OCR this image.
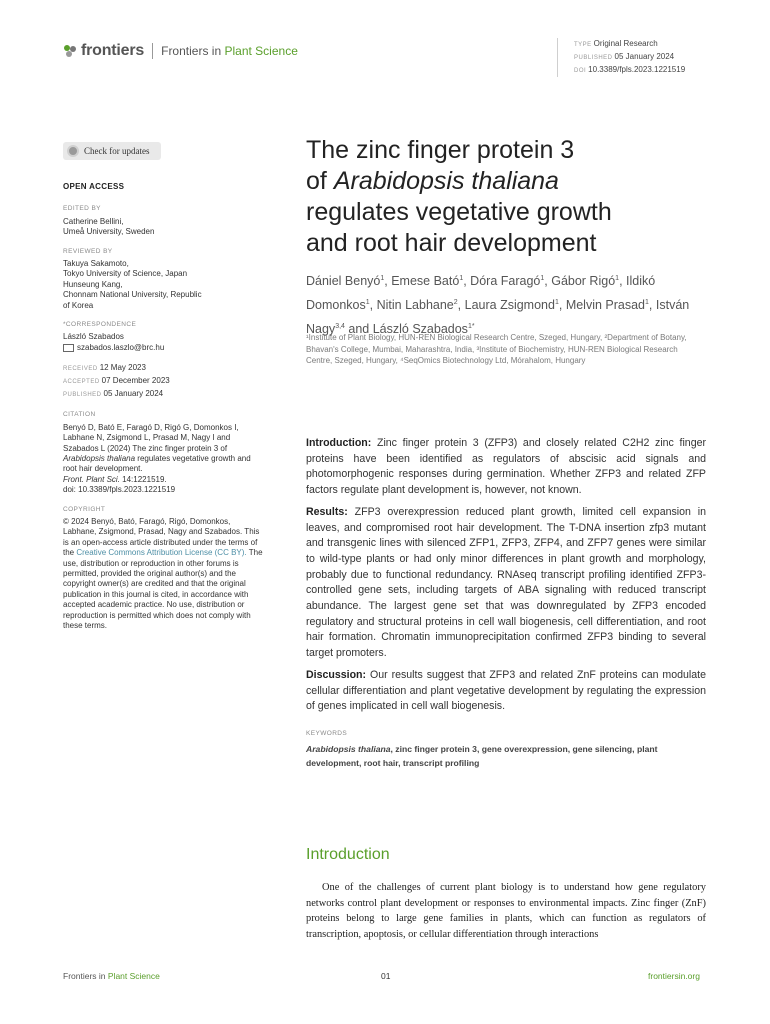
frontiers Frontiers in Plant Science	TYPE Original Research
PUBLISHED 05 January 2024
DOI 10.3389/fpls.2023.1221519
Check for updates
OPEN ACCESS
EDITED BY
Catherine Bellini,
Umeå University, Sweden
REVIEWED BY
Takuya Sakamoto,
Tokyo University of Science, Japan
Hunseung Kang,
Chonnam National University, Republic
of Korea
*CORRESPONDENCE
László Szabados
szabados.laszlo@brc.hu
RECEIVED 12 May 2023
ACCEPTED 07 December 2023
PUBLISHED 05 January 2024
CITATION
Benyó D, Bató E, Faragó D, Rigó G, Domonkos I, Labhane N, Zsigmond L, Prasad M, Nagy I and Szabados L (2024) The zinc finger protein 3 of Arabidopsis thaliana regulates vegetative growth and root hair development.
Front. Plant Sci. 14:1221519.
doi: 10.3389/fpls.2023.1221519
COPYRIGHT
© 2024 Benyó, Bató, Faragó, Rigó, Domonkos, Labhane, Zsigmond, Prasad, Nagy and Szabados. This is an open-access article distributed under the terms of the Creative Commons Attribution License (CC BY). The use, distribution or reproduction in other forums is permitted, provided the original author(s) and the copyright owner(s) are credited and that the original publication in this journal is cited, in accordance with accepted academic practice. No use, distribution or reproduction is permitted which does not comply with these terms.
The zinc finger protein 3
of Arabidopsis thaliana
regulates vegetative growth
and root hair development
Dániel Benyó$^1$, Emese Bató$^1$, Dóra Faragó$^1$, Gábor Rigó$^1$, Ildikó Domonkos$^1$, Nitin Labhane$^2$, Laura Zsigmond$^1$, Melvin Prasad$^1$, István Nagy$^{3,4}$ and László Szabados$^{1*}$
¹Institute of Plant Biology, HUN-REN Biological Research Centre, Szeged, Hungary, ²Department of Botany, Bhavan's College, Mumbai, Maharashtra, India, ³Institute of Biochemistry, HUN-REN Biological Research Centre, Szeged, Hungary, ⁴SeqOmics Biotechnology Ltd, Mórahalom, Hungary

Introduction: Zinc finger protein 3 (ZFP3) and closely related C2H2 zinc finger proteins have been identified as regulators of abscisic acid signals and photomorphogenic responses during germination. Whether ZFP3 and related ZFP factors regulate plant development is, however, not known.

Results: ZFP3 overexpression reduced plant growth, limited cell expansion in leaves, and compromised root hair development. The T-DNA insertion zfp3 mutant and transgenic lines with silenced ZFP1, ZFP3, ZFP4, and ZFP7 genes were similar to wild-type plants or had only minor differences in plant growth and morphology, probably due to functional redundancy. RNAseq transcript profiling identified ZFP3-controlled gene sets, including targets of ABA signaling with reduced transcript abundance. The largest gene set that was downregulated by ZFP3 encoded regulatory and structural proteins in cell wall biogenesis, cell differentiation, and root hair formation. Chromatin immunoprecipitation confirmed ZFP3 binding to several target promoters.

Discussion: Our results suggest that ZFP3 and related ZnF proteins can modulate cellular differentiation and plant vegetative development by regulating the expression of genes implicated in cell wall biogenesis.

KEYWORDS
Arabidopsis thaliana, zinc finger protein 3, gene overexpression, gene silencing, plant development, root hair, transcript profiling
Introduction
One of the challenges of current plant biology is to understand how gene regulatory networks control plant development or responses to environmental impacts. Zinc finger (ZnF) proteins belong to large gene families in plants, which can function as regulators of transcription, apoptosis, or cellular differentiation through interactions
Frontiers in Plant Science	01	frontiersin.org
